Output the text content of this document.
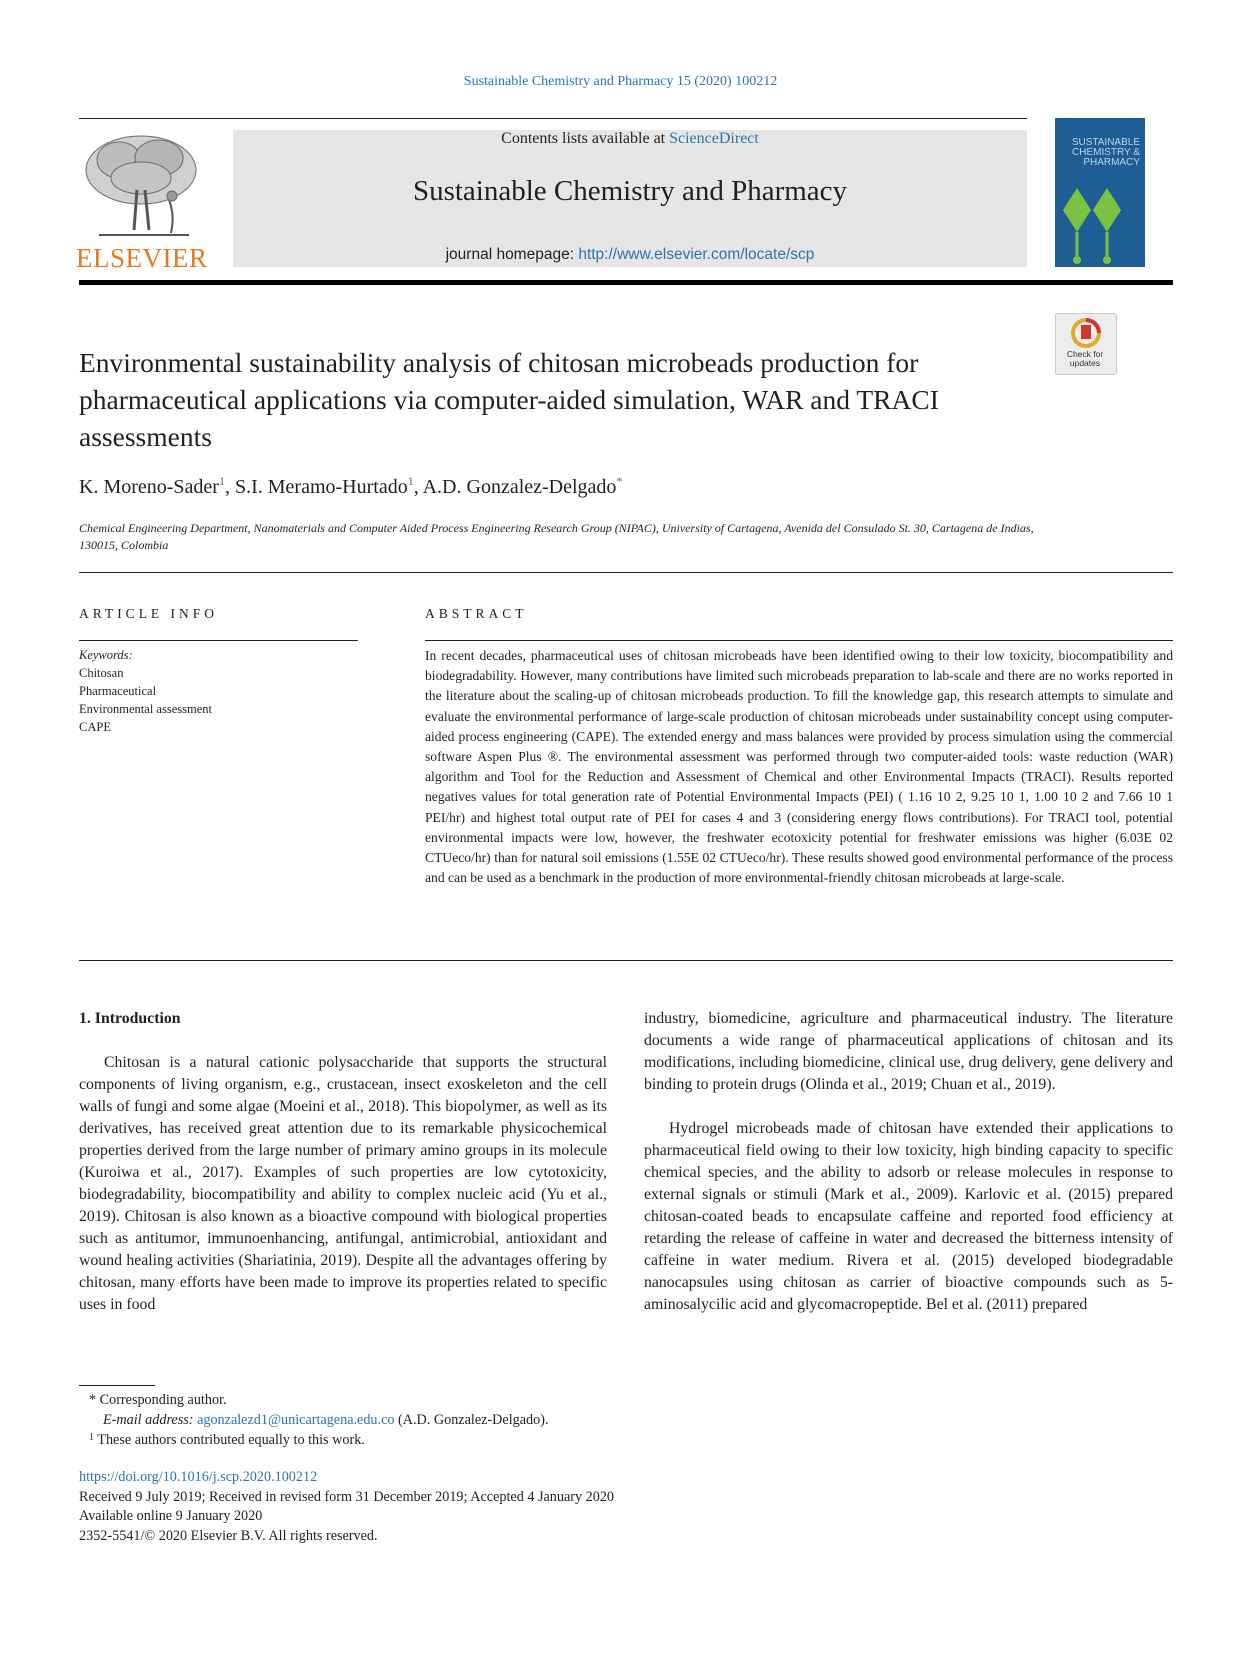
Sustainable Chemistry and Pharmacy 15 (2020) 100212
ELSEVIER
Contents lists available at ScienceDirect
Sustainable Chemistry and Pharmacy
journal homepage: http://www.elsevier.com/locate/scp
SUSTAINABLE
CHEMISTRY &
PHARMACY
Check for updates
Environmental sustainability analysis of chitosan microbeads production for pharmaceutical applications via computer-aided simulation, WAR and TRACI assessments
K. Moreno-Sader$^1$, S.I. Meramo-Hurtado$^1$, A.D. Gonzalez-Delgado*
Chemical Engineering Department, Nanomaterials and Computer Aided Process Engineering Research Group (NIPAC), University of Cartagena, Avenida del Consulado St. 30, Cartagena de Indias, 130015, Colombia
ARTICLE INFO
Keywords:
Chitosan
Pharmaceutical
Environmental assessment
CAPE
ABSTRACT
In recent decades, pharmaceutical uses of chitosan microbeads have been identified owing to their low toxicity, biocompatibility and biodegradability. However, many contributions have limited such microbeads preparation to lab-scale and there are no works reported in the literature about the scaling-up of chitosan microbeads production. To fill the knowledge gap, this research attempts to simulate and evaluate the environmental performance of large-scale production of chitosan microbeads under sustainability concept using computer-aided process engineering (CAPE). The extended energy and mass balances were provided by process simulation using the commercial software Aspen Plus ®. The environmental assessment was performed through two computer-aided tools: waste reduction (WAR) algorithm and Tool for the Reduction and Assessment of Chemical and other Environmental Impacts (TRACI). Results reported negatives values for total generation rate of Potential Environmental Impacts (PEI) ( 1.16 10 2, 9.25 10 1, 1.00 10 2 and 7.66 10 1 PEI/hr) and highest total output rate of PEI for cases 4 and 3 (considering energy flows contributions). For TRACI tool, potential environmental impacts were low, however, the freshwater ecotoxicity potential for freshwater emissions was higher (6.03E 02 CTUeco/hr) than for natural soil emissions (1.55E 02 CTUeco/hr). These results showed good environmental performance of the process and can be used as a benchmark in the production of more environmental-friendly chitosan microbeads at large-scale.
1. Introduction
Chitosan is a natural cationic polysaccharide that supports the structural components of living organism, e.g., crustacean, insect exoskeleton and the cell walls of fungi and some algae (Moeini et al., 2018). This biopolymer, as well as its derivatives, has received great attention due to its remarkable physicochemical properties derived from the large number of primary amino groups in its molecule (Kuroiwa et al., 2017). Examples of such properties are low cytotoxicity, biodegradability, biocompatibility and ability to complex nucleic acid (Yu et al., 2019). Chitosan is also known as a bioactive compound with biological properties such as antitumor, immunoenhancing, antifungal, antimicrobial, antioxidant and wound healing activities (Shariatinia, 2019). Despite all the advantages offering by chitosan, many efforts have been made to improve its properties related to specific uses in food
industry, biomedicine, agriculture and pharmaceutical industry. The literature documents a wide range of pharmaceutical applications of chitosan and its modifications, including biomedicine, clinical use, drug delivery, gene delivery and binding to protein drugs (Olinda et al., 2019; Chuan et al., 2019).
Hydrogel microbeads made of chitosan have extended their applications to pharmaceutical field owing to their low toxicity, high binding capacity to specific chemical species, and the ability to adsorb or release molecules in response to external signals or stimuli (Mark et al., 2009). Karlovic et al. (2015) prepared chitosan-coated beads to encapsulate caffeine and reported food efficiency at retarding the release of caffeine in water and decreased the bitterness intensity of caffeine in water medium. Rivera et al. (2015) developed biodegradable nanocapsules using chitosan as carrier of bioactive compounds such as 5-aminosalycilic acid and glycomacropeptide. Bel et al. (2011) prepared
* Corresponding author.
E-mail address: agonzalezd1@unicartagena.edu.co (A.D. Gonzalez-Delgado).
$^1$ These authors contributed equally to this work.
https://doi.org/10.1016/j.scp.2020.100212
Received 9 July 2019; Received in revised form 31 December 2019; Accepted 4 January 2020
Available online 9 January 2020
2352-5541/© 2020 Elsevier B.V. All rights reserved.
